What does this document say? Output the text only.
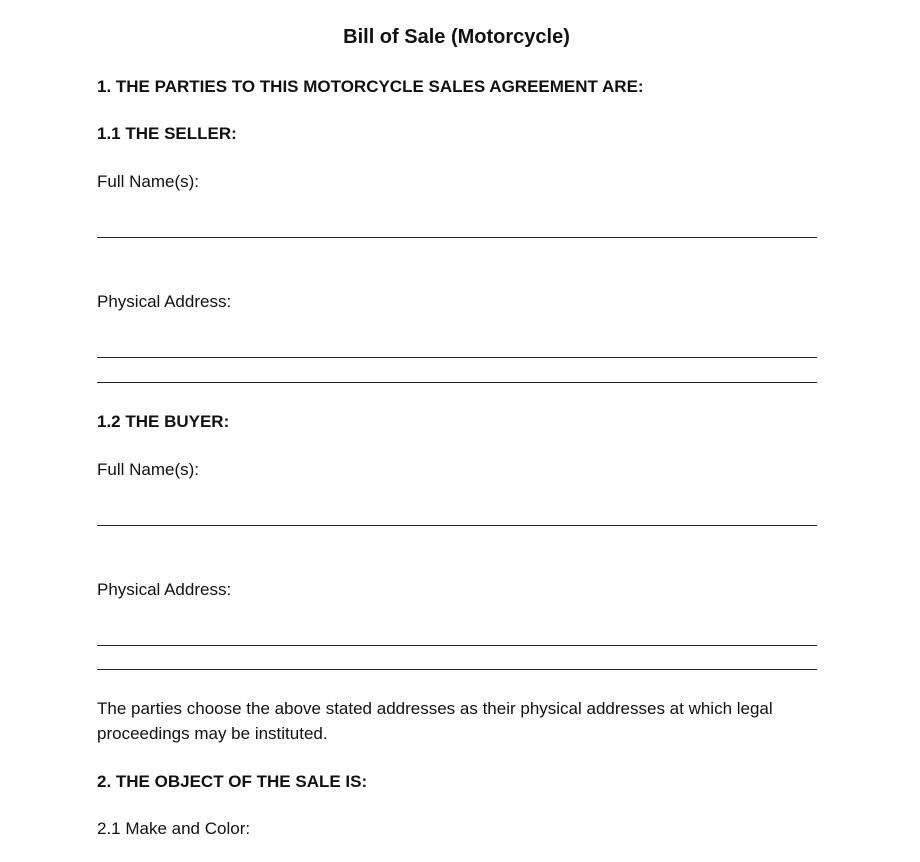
Bill of Sale (Motorcycle)
1. THE PARTIES TO THIS MOTORCYCLE SALES AGREEMENT ARE:
1.1 THE SELLER:
Full Name(s):
Physical Address:
1.2 THE BUYER:
Full Name(s):
Physical Address:
The parties choose the above stated addresses as their physical addresses at which legal proceedings may be instituted.
2. THE OBJECT OF THE SALE IS:
2.1 Make and Color:
